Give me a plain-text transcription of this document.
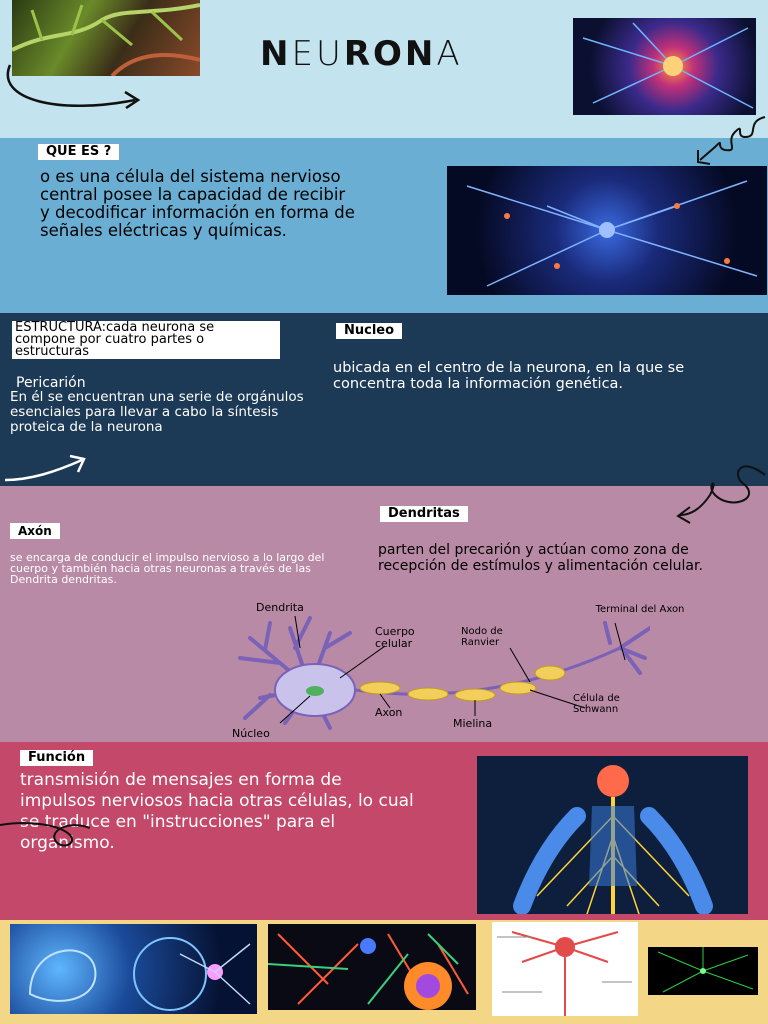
NEURONA
QUE ES ?
o es una célula del sistema nervioso central posee la capacidad de recibir y decodificar información en forma de señales eléctricas y químicas.
ESTRUCTURA:cada neurona se compone por cuatro partes o estructuras
Pericarión
En él se encuentran una serie de orgánulos esenciales para llevar a cabo la síntesis proteica de la neurona
Nucleo
ubicada en el centro de la neurona, en la que se concentra toda la información genética.
Axón
se encarga de conducir el impulso nervioso a lo largo del cuerpo y también hacia otras neuronas a través de las Dendrita dendritas.
Dendritas
parten del precarión y actúan como zona de recepción de estímulos y alimentación celular.
Dendrita
Cuerpo celular
Nodo de Ranvier
Terminal del Axon
Célula de Schwann
Mielina
Axon
Núcleo
Función
transmisión de mensajes en forma de impulsos nerviosos hacia otras células, lo cual se traduce en "instrucciones" para el organismo.
